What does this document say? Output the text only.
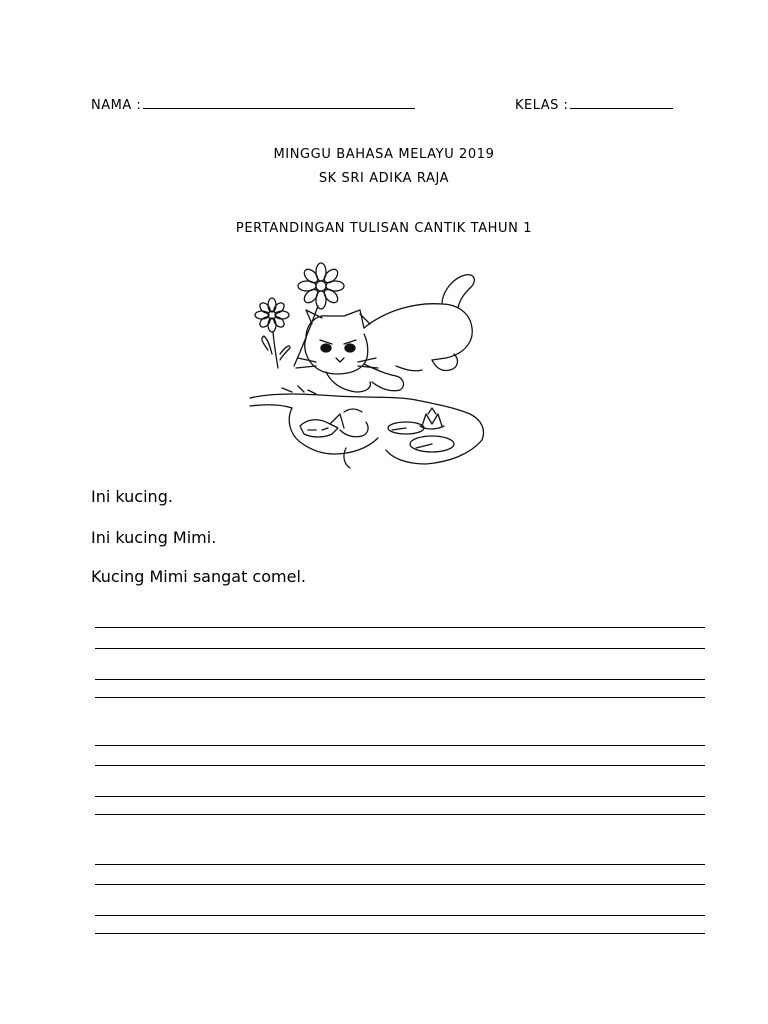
NAMA :	KELAS :
MINGGU BAHASA MELAYU 2019
SK SRI ADIKA RAJA
PERTANDINGAN TULISAN CANTIK TAHUN 1
Ini kucing.
Ini kucing Mimi.
Kucing Mimi sangat comel.
